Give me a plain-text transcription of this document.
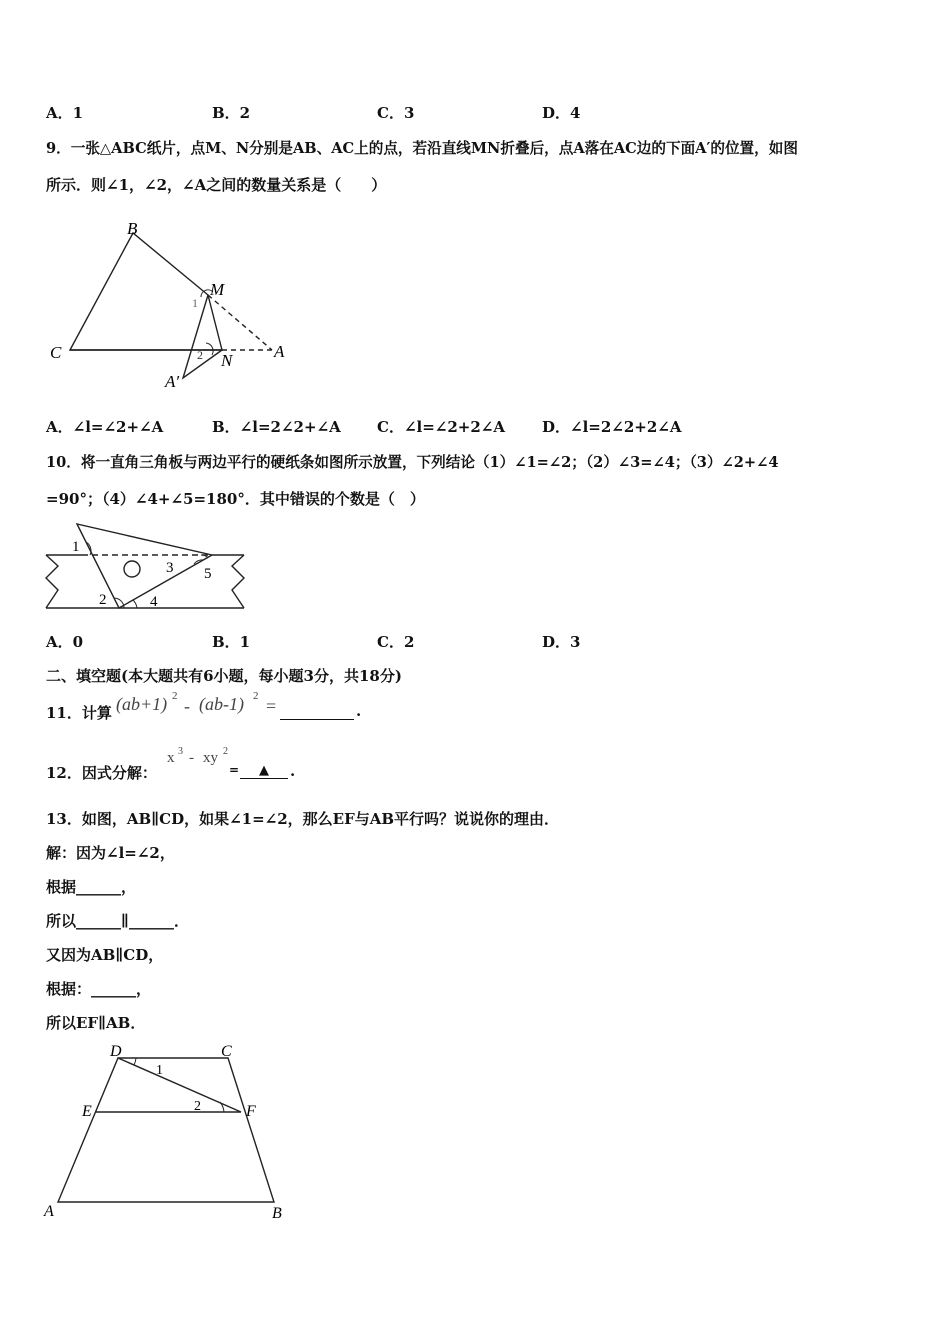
A．1	B．2	C．3	D．4
9．一张△ABC纸片，点M、N分别是AB、AC上的点，若沿直线MN折叠后，点A落在AC边的下面A′的位置，如图
所示．则∠1，∠2，∠A之间的数量关系是（　　）
B
M
1
C	2 N A
A′
A．∠l=∠2+∠A	B．∠l=2∠2+∠A C．∠l=∠2+2∠A D．∠l=2∠2+2∠A
10．将一直角三角板与两边平行的硬纸条如图所示放置，下列结论（1）∠1=∠2；（2）∠3=∠4；（3）∠2+∠4
=90°；（4）∠4+∠5=180°．其中错误的个数是（　）
1
3 5
2	4
A．0	B．1	C．2	D．3
二、填空题(本大题共有6小题，每小题3分，共18分)
11．计算 (ab+1) 2 - (ab-1) 2 =	.
12．因式分解：
x 3 - xy 2
=	▲	.
13．如图，AB∥CD，如果∠1=∠2，那么EF与AB平行吗？说说你的理由．
解：因为∠l=∠2，
根据______，
所以______∥______．
又因为AB∥CD，
根据：______，
所以EF∥AB．
D	C
1
E	2	F
A	B
